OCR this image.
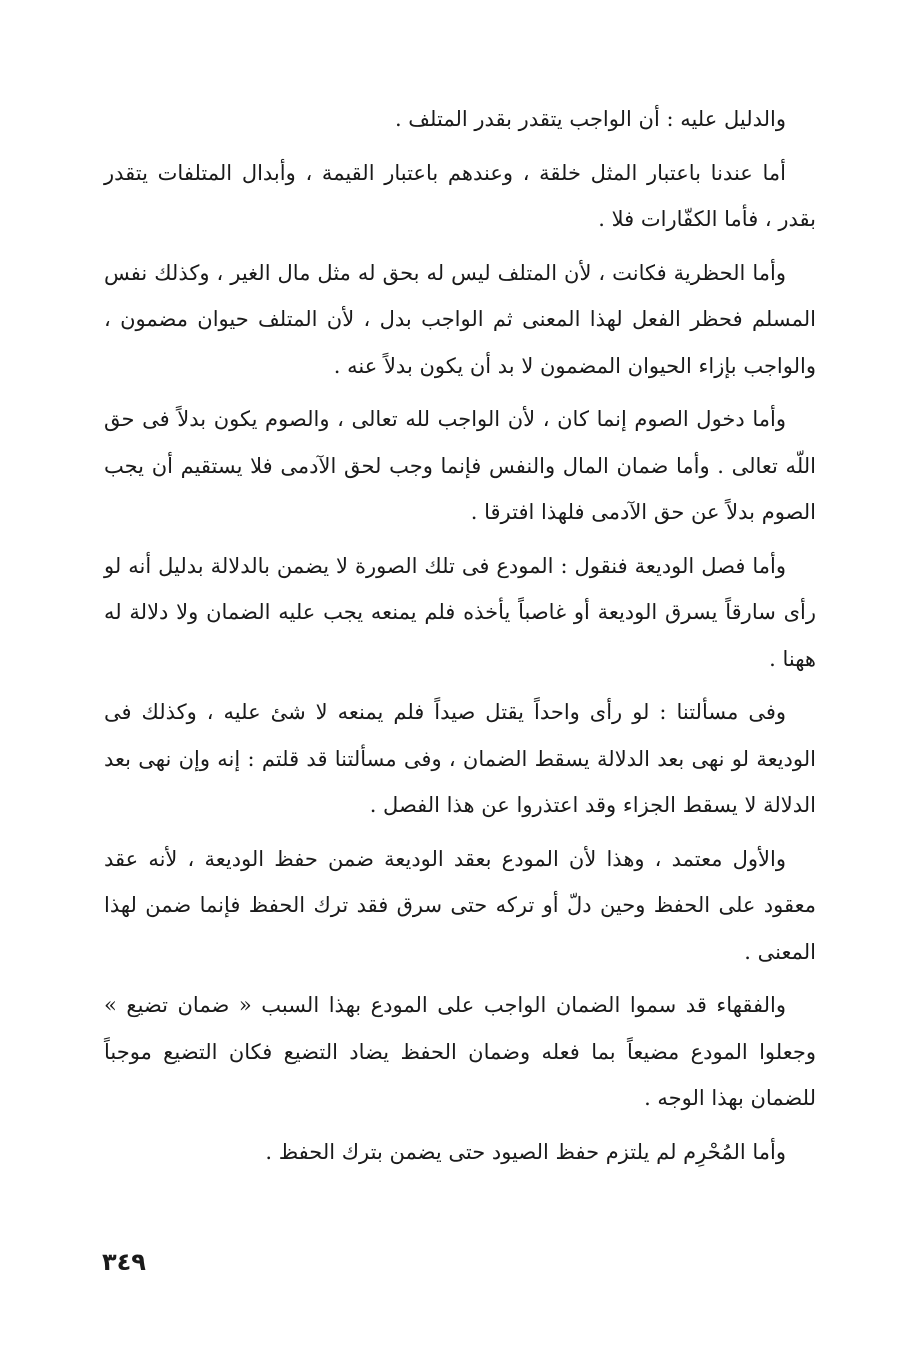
والدليل عليه : أن الواجب يتقدر بقدر المتلف .

أما عندنا باعتبار المثل خلقة ، وعندهم باعتبار القيمة ، وأبدال المتلفات يتقدر بقدر ، فأما الكفّارات فلا .

وأما الحظرية فكانت ، لأن المتلف ليس له بحق له مثل مال الغير ، وكذلك نفس المسلم فحظر الفعل لهذا المعنى ثم الواجب بدل ، لأن المتلف حيوان مضمون ، والواجب بإزاء الحيوان المضمون لا بد أن يكون بدلاً عنه .

وأما دخول الصوم إنما كان ، لأن الواجب لله تعالى ، والصوم يكون بدلاً فى حق اللّه تعالى . وأما ضمان المال والنفس فإنما وجب لحق الآدمى فلا يستقيم أن يجب الصوم بدلاً عن حق الآدمى فلهذا افترقا .

وأما فصل الوديعة فنقول : المودع فى تلك الصورة لا يضمن بالدلالة بدليل أنه لو رأى سارقاً يسرق الوديعة أو غاصباً يأخذه فلم يمنعه يجب عليه الضمان ولا دلالة له ههنا .

وفى مسألتنا : لو رأى واحداً يقتل صيداً فلم يمنعه لا شئ عليه ، وكذلك فى الوديعة لو نهى بعد الدلالة يسقط الضمان ، وفى مسألتنا قد قلتم : إنه وإن نهى بعد الدلالة لا يسقط الجزاء وقد اعتذروا عن هذا الفصل .

والأول معتمد ، وهذا لأن المودع بعقد الوديعة ضمن حفظ الوديعة ، لأنه عقد معقود على الحفظ وحين دلّ أو تركه حتى سرق فقد ترك الحفظ فإنما ضمن لهذا المعنى .

والفقهاء قد سموا الضمان الواجب على المودع بهذا السبب « ضمان تضيع » وجعلوا المودع مضيعاً بما فعله وضمان الحفظ يضاد التضيع فكان التضيع موجباً للضمان بهذا الوجه .

وأما المُحْرِم لم يلتزم حفظ الصيود حتى يضمن بترك الحفظ .

٣٤٩
